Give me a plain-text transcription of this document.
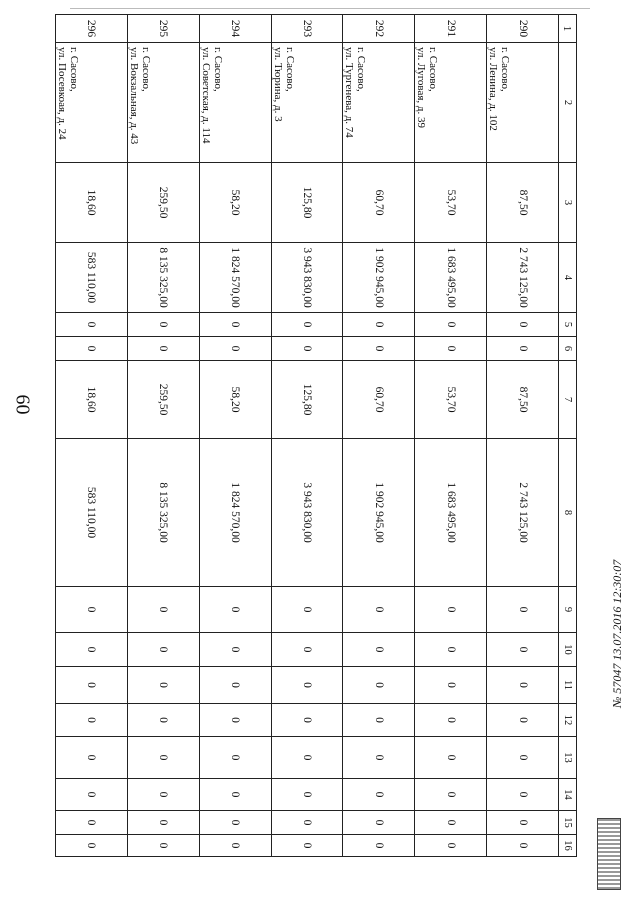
60
1	2	3	4	5	6	7	8	9	10	11	12	13	14	15	16
290	г. Сасово,
ул. Ленина, д. 102	87,50	2 743 125,00	0	0	87,50	2 743 125,00	0	0	0	0	0	0	0	0
291	г. Сасово,
ул. Луговая, д. 39	53,70	1 683 495,00	0	0	53,70	1 683 495,00	0	0	0	0	0	0	0	0
292	г. Сасово,
ул. Тургенева, д. 74	60,70	1 902 945,00	0	0	60,70	1 902 945,00	0	0	0	0	0	0	0	0
293	г. Сасово,
ул. Тюрина, д. 3	125,80	3 943 830,00	0	0	125,80	3 943 830,00	0	0	0	0	0	0	0	0
294	г. Сасово,
ул. Советская, д. 114	58,20	1 824 570,00	0	0	58,20	1 824 570,00	0	0	0	0	0	0	0	0
295	г. Сасово,
ул. Вокзальная, д. 43	259,50	8 135 325,00	0	0	259,50	8 135 325,00	0	0	0	0	0	0	0	0
296	г. Сасово,
ул. Посевкоая, д. 24	18,60	583 110,00	0	0	18,60	583 110,00	0	0	0	0	0	0	0	0
№ 57047 13.07.2016 12:30:07
